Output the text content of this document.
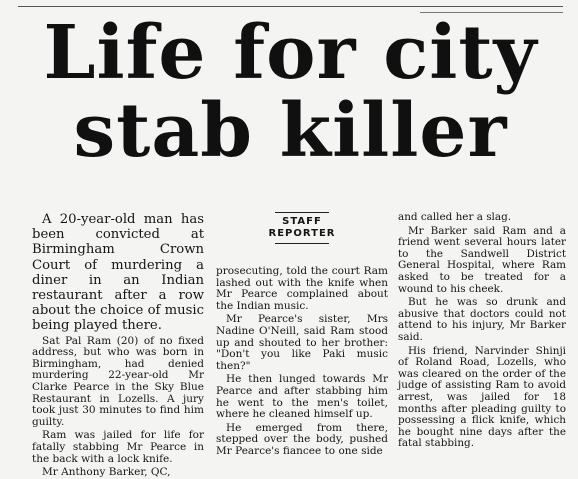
Life for city
stab killer

A 20-year-old man has been convicted at Birmingham Crown Court of murdering a diner in an Indian restaurant after a row about the choice of music being played there.

Sat Pal Ram (20) of no fixed address, but who was born in Birmingham, had denied murdering 22-year-old Mr Clarke Pearce in the Sky Blue Restaurant in Lozells. A jury took just 30 minutes to find him guilty.

Ram was jailed for life for fatally stabbing Mr Pearce in the back with a lock knife.

Mr Anthony Barker, QC,

STAFF
REPORTER

prosecuting, told the court Ram lashed out with the knife when Mr Pearce complained about the Indian music.

Mr Pearce's sister, Mrs Nadine O'Neill, said Ram stood up and shouted to her brother: "Don't you like Paki music then?"

He then lunged towards Mr Pearce and after stabbing him he went to the men's toilet, where he cleaned himself up.

He emerged from there, stepped over the body, pushed Mr Pearce's fiancee to one side

and called her a slag.

Mr Barker said Ram and a friend went several hours later to the Sandwell District General Hospital, where Ram asked to be treated for a wound to his cheek.

But he was so drunk and abusive that doctors could not attend to his injury, Mr Barker said.

His friend, Narvinder Shinji of Roland Road, Lozells, who was cleared on the order of the judge of assisting Ram to avoid arrest, was jailed for 18 months after pleading guilty to possessing a flick knife, which he bought nine days after the fatal stabbing.
